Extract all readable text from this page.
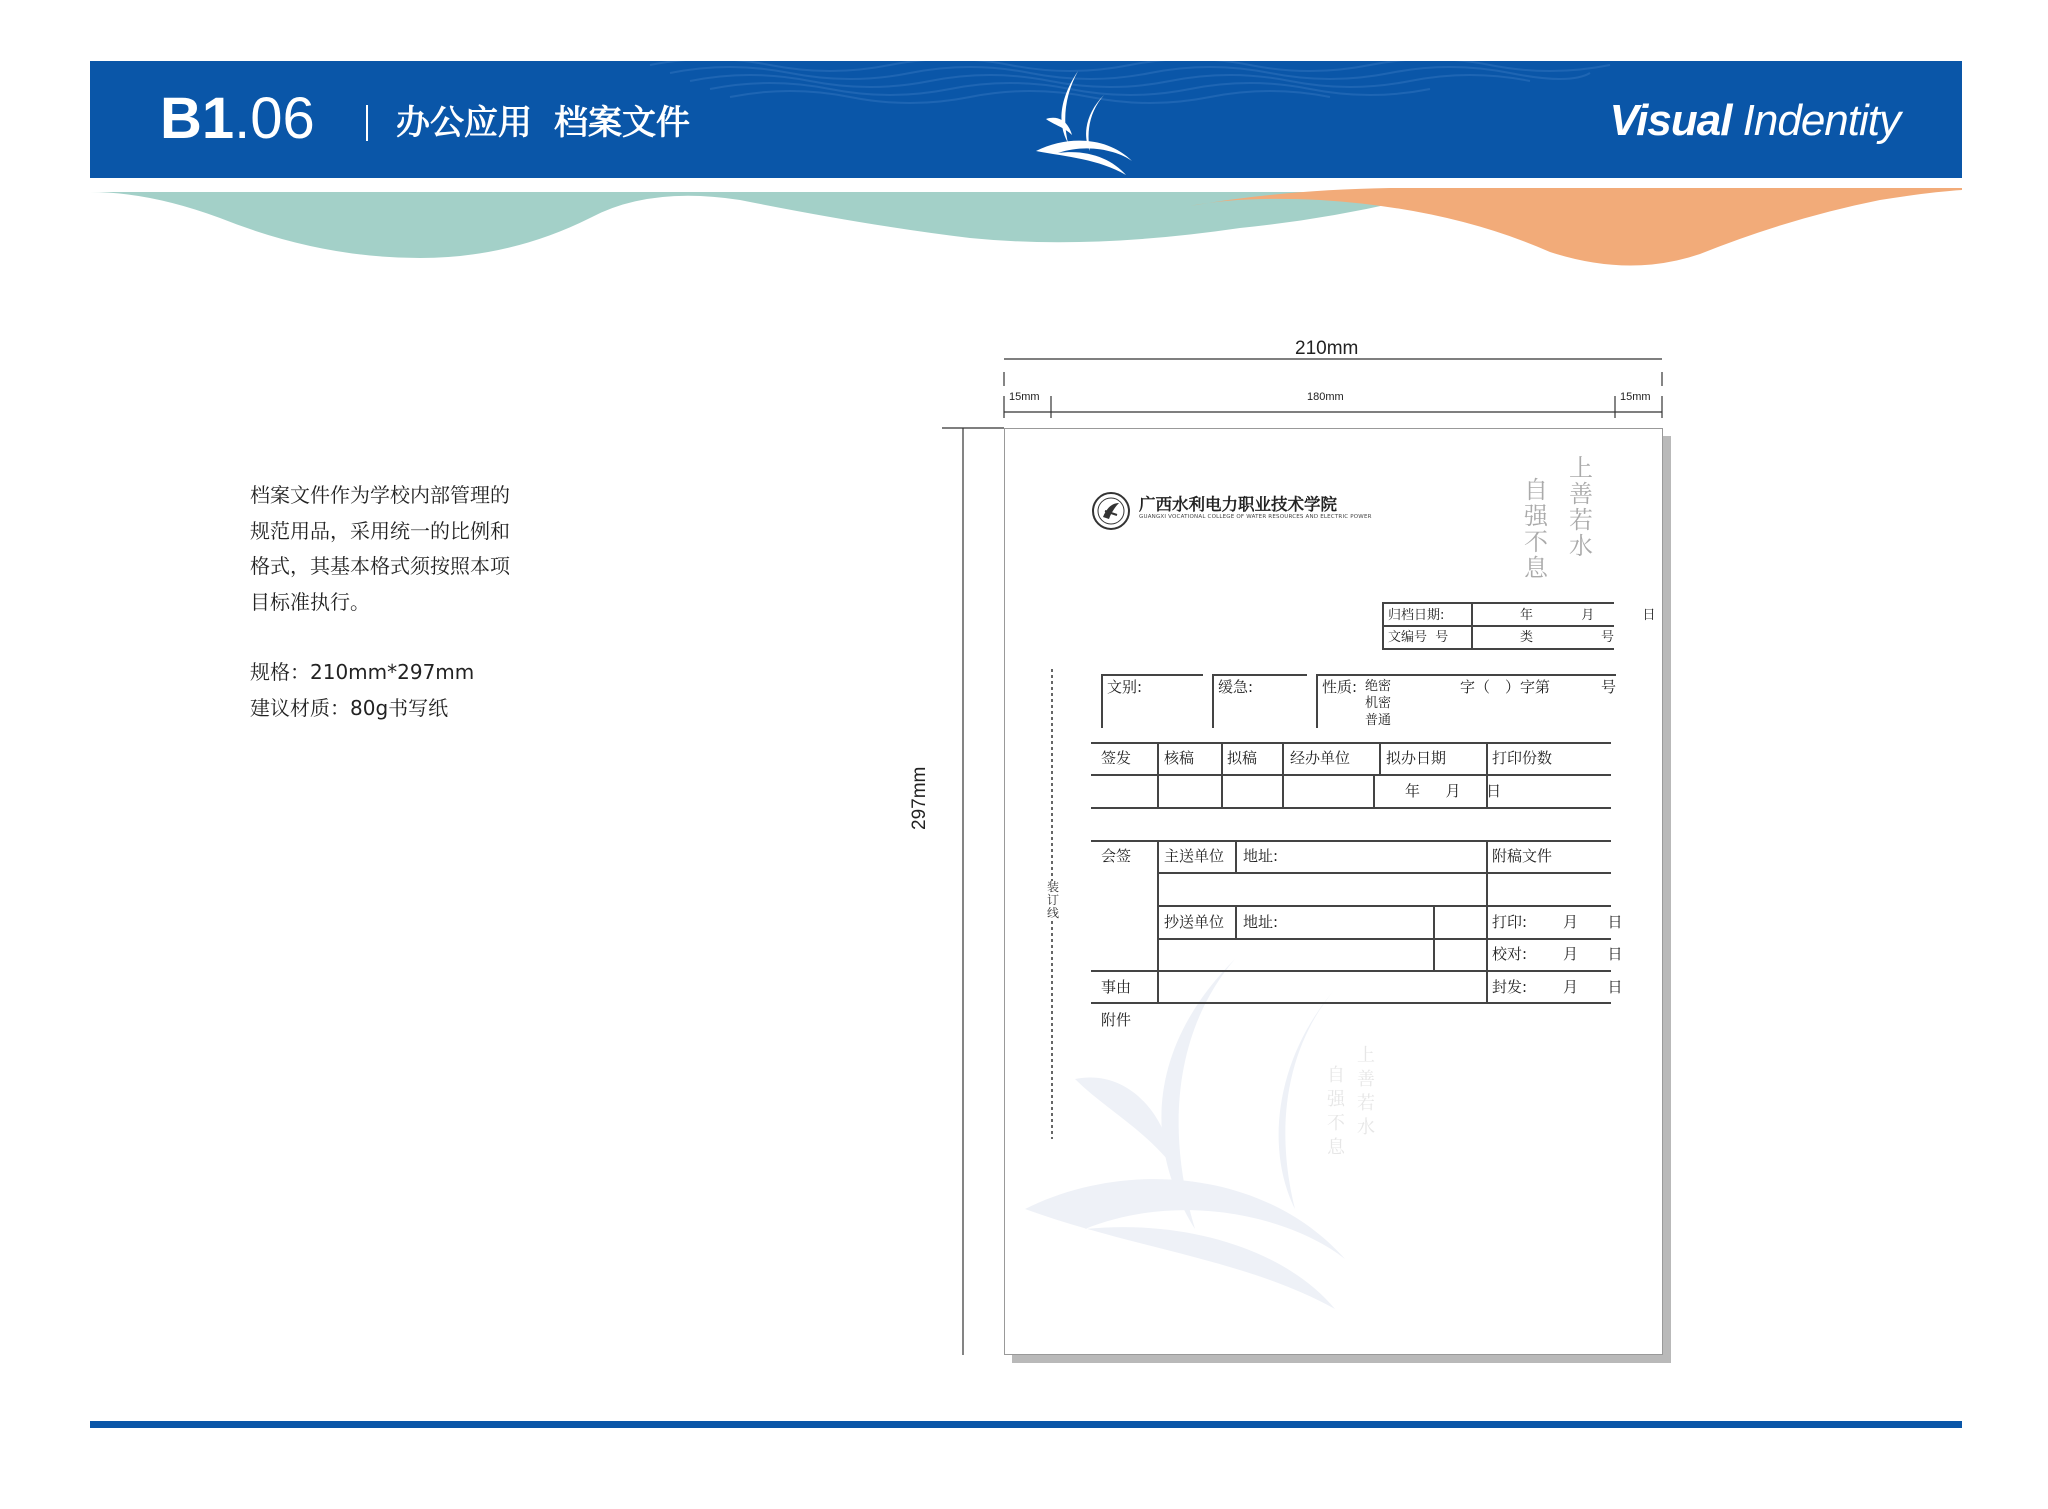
B1.06 办公应用 档案文件	Visual Indentity

档案文件作为学校内部管理的

规范用品，采用统一的比例和

格式，其基本格式须按照本项

目标准执行。

规格：210mm*297mm

建议材质：80g书写纸

210mm
15mm	180mm	15mm
297mm
上
善
若
水
自
强
不
息
广西水利电力职业技术学院
GUANGXI VOCATIONAL COLLEGE OF WATER RESOURCES AND ELECTRIC POWER
上善若水
自强不息
归档日期:	年  月  日
文编号  号	类	号
装订线
文别:	缓急:	性质: 绝密
机密
普通
字（　）字第	号
签发 核稿 拟稿 经办单位 拟办日期	打印份数
年  月  日
会签 主送单位 地址:	附稿文件
抄送单位 地址:	打印: 月  日
校对: 月  日
事由	封发: 月  日
附件
